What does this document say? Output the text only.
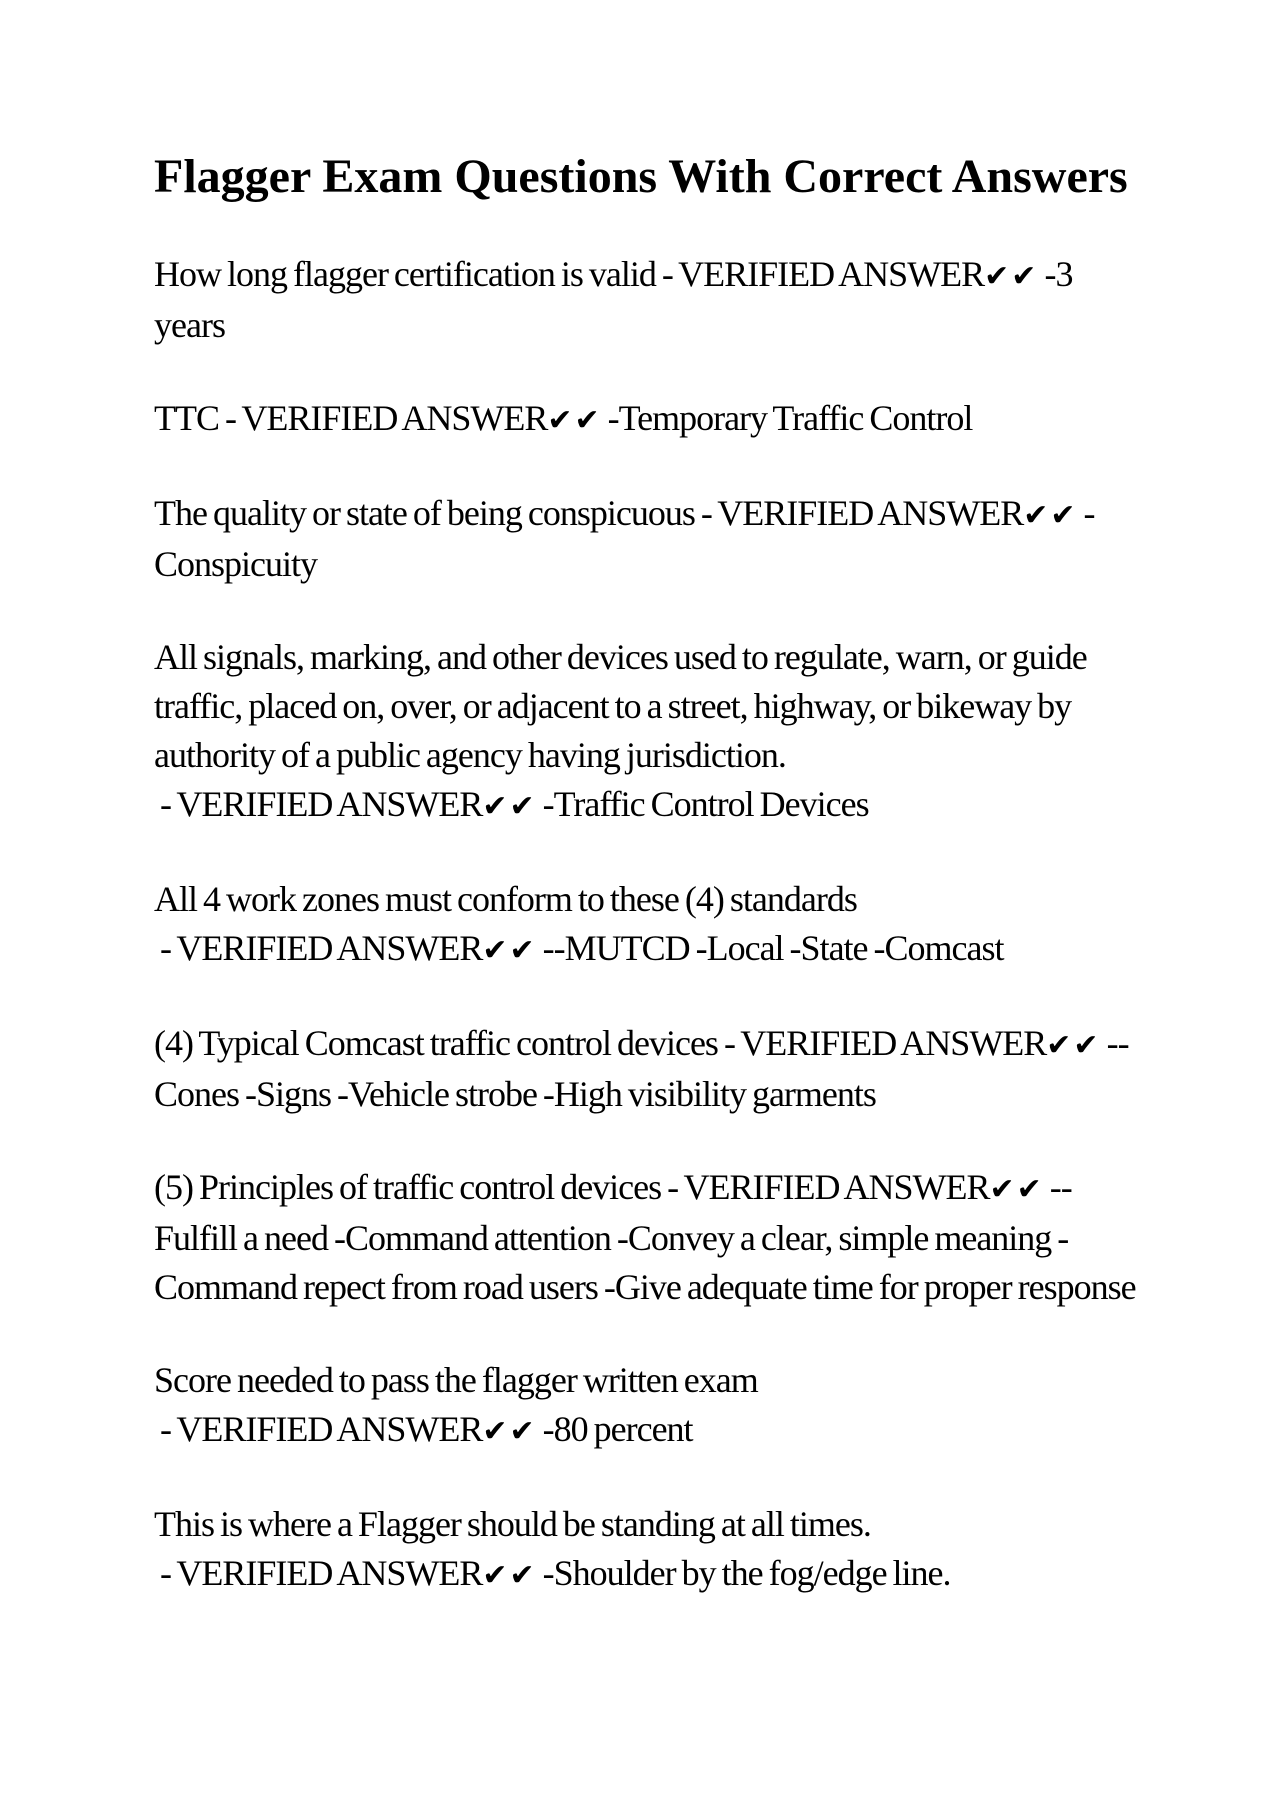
Flagger Exam Questions With Correct Answers

How long flagger certification is valid - VERIFIED ANSWER✔✔ -3 years

TTC - VERIFIED ANSWER✔✔ -Temporary Traffic Control

The quality or state of being conspicuous - VERIFIED ANSWER✔✔ -Conspicuity

All signals, marking, and other devices used to regulate, warn, or guide traffic, placed on, over, or adjacent to a street, highway, or bikeway by authority of a public agency having jurisdiction. - VERIFIED ANSWER✔✔ -Traffic Control Devices

All 4 work zones must conform to these (4) standards - VERIFIED ANSWER✔✔ --MUTCD -Local -State -Comcast

(4) Typical Comcast traffic control devices - VERIFIED ANSWER✔✔ --Cones -Signs -Vehicle strobe -High visibility garments

(5) Principles of traffic control devices - VERIFIED ANSWER✔✔ --Fulfill a need -Command attention -Convey a clear, simple meaning -Command repect from road users -Give adequate time for proper response

Score needed to pass the flagger written exam - VERIFIED ANSWER✔✔ -80 percent

This is where a Flagger should be standing at all times. - VERIFIED ANSWER✔✔ -Shoulder by the fog/edge line.
